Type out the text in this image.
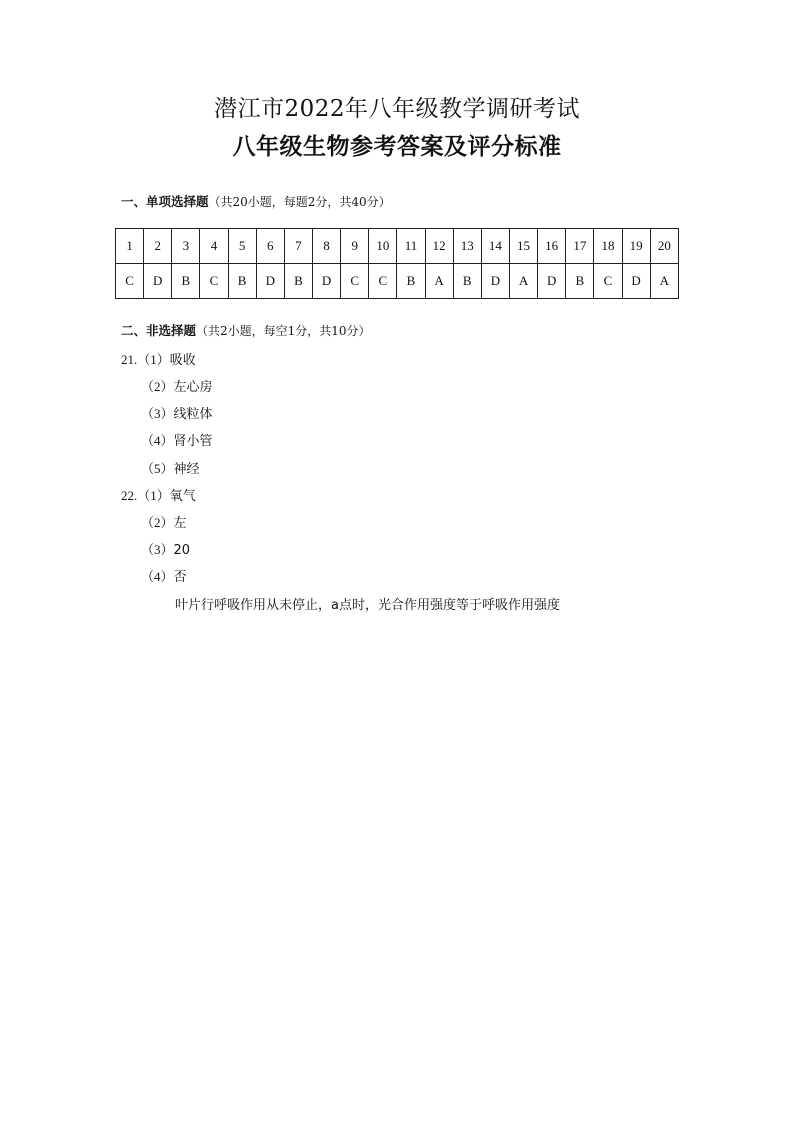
潜江市2022年八年级教学调研考试
八年级生物参考答案及评分标准
一、单项选择题（共20小题，每题2分，共40分）
1	2	3	4	5	6	7	8	9	10	11	12	13	14	15	16	17	18	19	20
C	D	B	C	B	D	B	D	C	C	B	A	B	D	A	D	B	C	D	A
二、非选择题（共2小题，每空1分，共10分）
21.（1）吸收
（2）左心房
（3）线粒体
（4）肾小管
（5）神经
22.（1）氧气
（2）左
（3）20
（4）否
叶片行呼吸作用从未停止，a点时，光合作用强度等于呼吸作用强度
